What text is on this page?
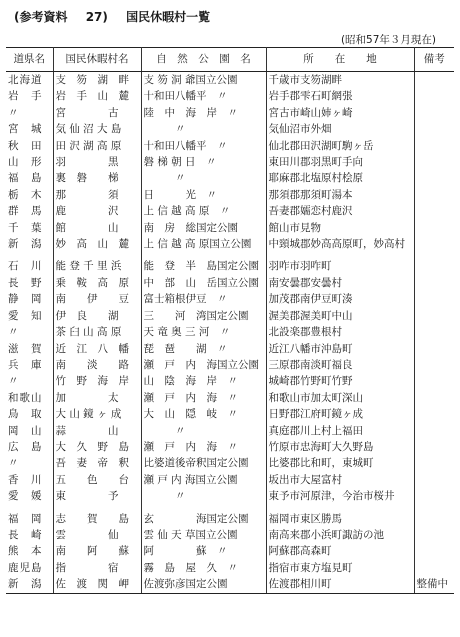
(参考資料 27) 国民休暇村一覧
(昭和57年３月現在)
道県名	国民休暇村名	自　然　公　園　名	所　　在　　地	備考
北海道	支　笏　湖　畔	支 笏 洞 爺国立公園	千歳市支笏湖畔	
岩　手	岩　手　山　麓	十和田八幡平　〃	岩手郡雫石町網張	
〃	宮　　　　古	陸　中　海　岸　〃	宮古市崎山姉ヶ崎	
宮　城	気 仙 沼 大 島	　　　〃	気仙沼市外畑	
秋　田	田 沢 湖 高 原	十和田八幡平　〃	仙北郡田沢湖町駒ヶ岳	
山　形	羽　　　　黒	磐 梯 朝 日　〃	東田川郡羽黒町手向	
福　島	裏　磐　　梯	　　　〃	耶麻郡北塩原村桧原	
栃　木	那　　　　須	日　　　光　〃	那須郡那須町湯本	
群　馬	鹿　　　　沢	上 信 越 高 原　〃	吾妻郡嬬恋村鹿沢	
千　葉	館　　　　山	南　房　総国定公園	館山市見物	
新　潟	妙　高　山　麓	上 信 越 高 原国立公園	中頸城郡妙高高原町，妙高村	
石　川	能 登 千 里 浜	能　登　半　島国定公園	羽咋市羽咋町	
長　野	乗　鞍　高　原	中　部　山　岳国立公園	南安曇郡安曇村	
静　岡	南　　伊　　豆	富士箱根伊豆　〃	加茂郡南伊豆町湊	
愛　知	伊　良　　湖	三　　河　湾国定公園	渥美郡渥美町中山	
〃	茶 臼 山 高 原	天 竜 奥 三 河　〃	北設楽郡豊根村	
滋　賀	近　江　八　幡	琵　琶　　湖　〃	近江八幡市沖島町	
兵　庫	南　　淡　　路	瀬　戸　内　海国立公園	三原郡南淡町福良	
〃	竹　野　海　岸	山　陰　海　岸　〃	城崎郡竹野町竹野	
和歌山	加　　　　太	瀬　戸　内　海　〃	和歌山市加太町深山	
鳥　取	大 山 鏡 ヶ 成	大　山　隠　岐　〃	日野郡江府町鏡ヶ成	
岡　山	蒜　　　　山	　　　〃	真庭郡川上村上福田	
広　島	大　久　野　島	瀬　戸　内　海　〃	竹原市忠海町大久野島	
〃	吾　妻　帝　釈	比婆道後帝釈国定公園	比婆郡比和町，東城町	
香　川	五　　色　　台	瀬 戸 内 海国立公園	坂出市大屋富村	
愛　媛	東　　　　予	　　　〃	東予市河原津，今治市桜井	
福　岡	志　　賀　　島	玄　　　　海国定公園	福岡市東区勝馬	
長　崎	雲　　　　仙	雲 仙 天 草国立公園	南高来郡小浜町諏訪の池	
熊　本	南　　阿　　蘇	阿　　　　蘇　〃	阿蘇郡高森町	
鹿児島	指　　　　宿	霧　島　屋　久　〃	指宿市東方塩見町	
新　潟	佐　渡　関　岬	佐渡弥彦国定公園	佐渡郡相川町	整備中
